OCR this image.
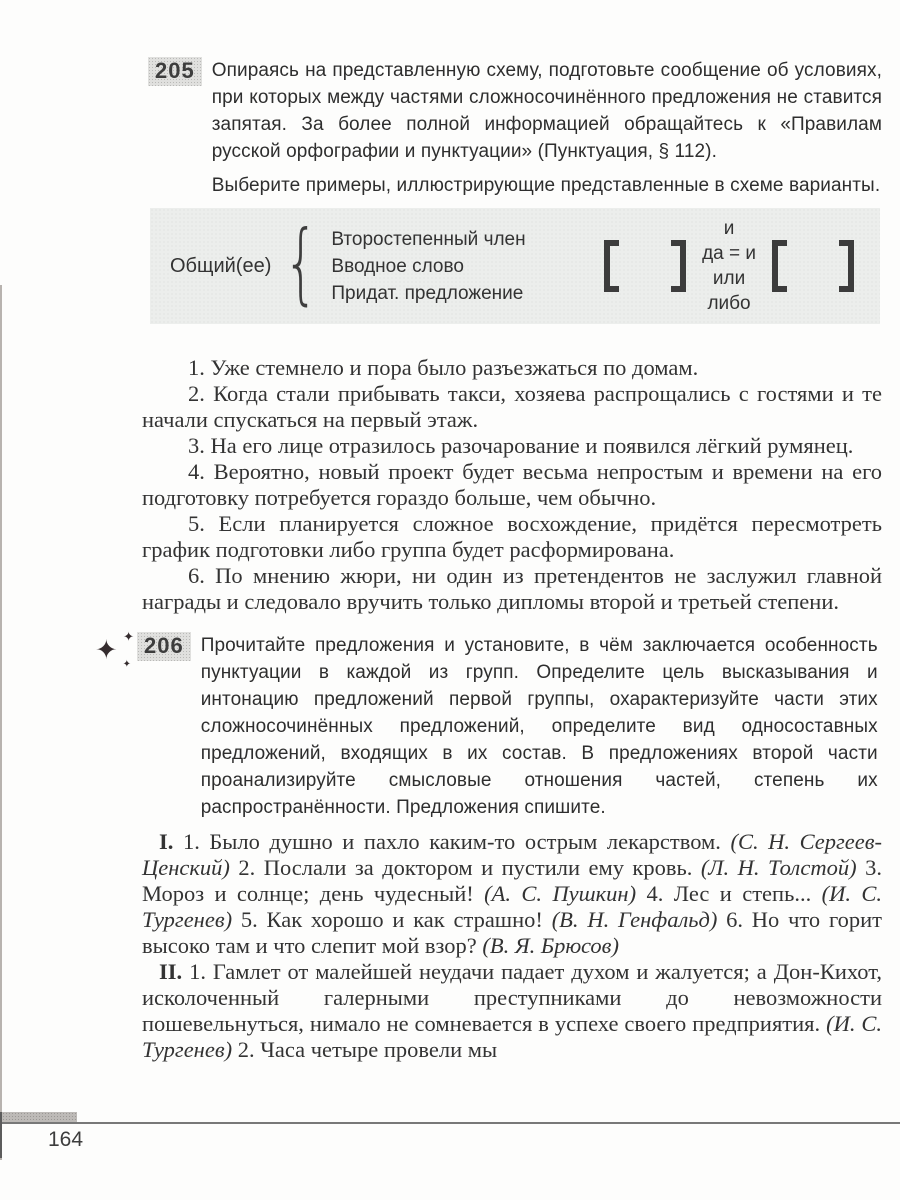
205 Опираясь на представленную схему, подготовьте сообщение об условиях, при которых между частями сложносочинённого предложения не ставится запятая. За более полной информацией обращайтесь к «Правилам русской орфографии и пунктуации» (Пунктуация, § 112).

Выберите примеры, иллюстрирующие представленные в схеме варианты.

Общий(ее) { Второстепенный член
Вводное слово
Придат. предложение
и
да = и
или
либо

1. Уже стемнело и пора было разъезжаться по домам.

2. Когда стали прибывать такси, хозяева распрощались с гостями и те начали спускаться на первый этаж.

3. На его лице отразилось разочарование и появился лёгкий румянец.

4. Вероятно, новый проект будет весьма непростым и времени на его подготовку потребуется гораздо больше, чем обычно.

5. Если планируется сложное восхождение, придётся пересмотреть график подготовки либо группа будет расформирована.

6. По мнению жюри, ни один из претендентов не заслужил главной награды и следовало вручить только дипломы второй и третьей степени.

✦ ✦
✦
206 Прочитайте предложения и установите, в чём заключается особенность пунктуации в каждой из групп. Определите цель высказывания и интонацию предложений первой группы, охарактеризуйте части этих сложносочинённых предложений, определите вид односоставных предложений, входящих в их состав. В предложениях второй части проанализируйте смысловые отношения частей, степень их распространённости. Предложения спишите.

I. 1. Было душно и пахло каким-то острым лекарством. (С. Н. Сергеев-Ценский) 2. Послали за доктором и пустили ему кровь. (Л. Н. Толстой) 3. Мороз и солнце; день чудесный! (А. С. Пушкин) 4. Лес и степь... (И. С. Тургенев) 5. Как хорошо и как страшно! (В. Н. Генфальд) 6. Но что горит высоко там и что слепит мой взор? (В. Я. Брюсов)

II. 1. Гамлет от малейшей неудачи падает духом и жалуется; а Дон-Кихот, исколоченный галерными преступниками до невозможности пошевельнуться, нимало не сомневается в успехе своего предприятия. (И. С. Тургенев) 2. Часа четыре провели мы

164
